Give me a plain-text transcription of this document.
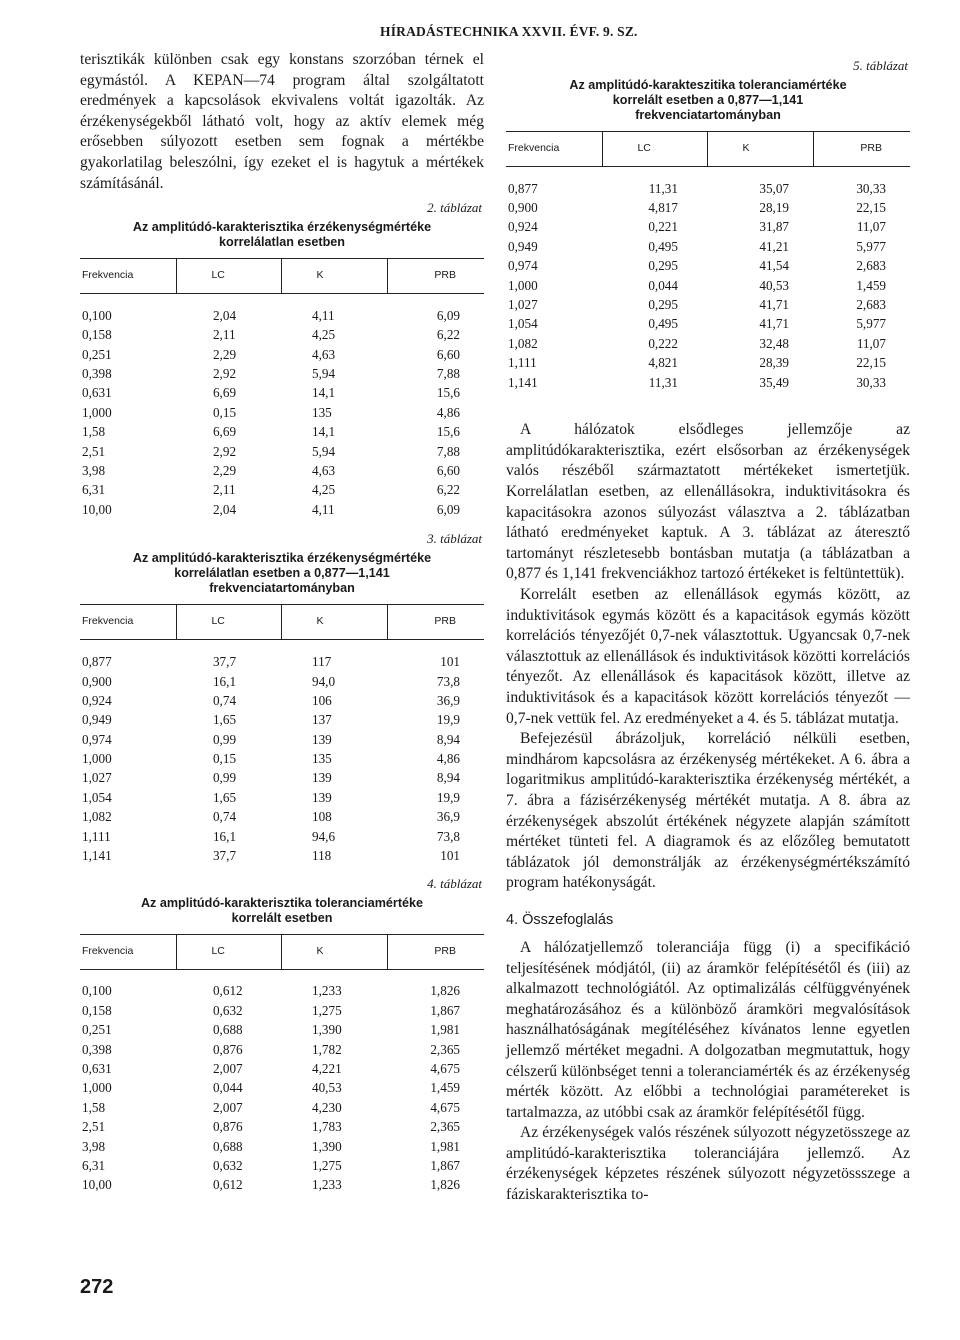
HÍRADÁSTECHNIKA XXVII. ÉVF. 9. SZ.

terisztikák különben csak egy konstans szorzóban térnek el egymástól. A KEPAN—74 program által szolgáltatott eredmények a kapcsolások ekvivalens voltát igazolták. Az érzékenységekből látható volt, hogy az aktív elemek még erősebben súlyozott esetben sem fognak a mértékbe gyakorlatilag beleszólni, így ezeket el is hagytuk a mértékek számításánál.

2. táblázat

Az amplitúdó-karakterisztika érzékenységmértéke korrelálatlan esetben

Frekvencia	LC	K	PRB
0,100	2,04	4,11	6,09
0,158	2,11	4,25	6,22
0,251	2,29	4,63	6,60
0,398	2,92	5,94	7,88
0,631	6,69	14,1	15,6
1,000	0,15	135	4,86
1,58	6,69	14,1	15,6
2,51	2,92	5,94	7,88
3,98	2,29	4,63	6,60
6,31	2,11	4,25	6,22
10,00	2,04	4,11	6,09

3. táblázat

Az amplitúdó-karakterisztika érzékenységmértéke korrelálatlan esetben a 0,877—1,141 frekvenciatartományban

Frekvencia	LC	K	PRB
0,877	37,7	117	101
0,900	16,1	94,0	73,8
0,924	0,74	106	36,9
0,949	1,65	137	19,9
0,974	0,99	139	8,94
1,000	0,15	135	4,86
1,027	0,99	139	8,94
1,054	1,65	139	19,9
1,082	0,74	108	36,9
1,111	16,1	94,6	73,8
1,141	37,7	118	101

4. táblázat

Az amplitúdó-karakterisztika toleranciamértéke korrelált esetben

Frekvencia	LC	K	PRB
0,100	0,612	1,233	1,826
0,158	0,632	1,275	1,867
0,251	0,688	1,390	1,981
0,398	0,876	1,782	2,365
0,631	2,007	4,221	4,675
1,000	0,044	40,53	1,459
1,58	2,007	4,230	4,675
2,51	0,876	1,783	2,365
3,98	0,688	1,390	1,981
6,31	0,632	1,275	1,867
10,00	0,612	1,233	1,826

5. táblázat

Az amplitúdó-karakteszitika toleranciamértéke korrelált esetben a 0,877—1,141 frekvenciatartományban

Frekvencia	LC	K	PRB
0,877	11,31	35,07	30,33
0,900	4,817	28,19	22,15
0,924	0,221	31,87	11,07
0,949	0,495	41,21	5,977
0,974	0,295	41,54	2,683
1,000	0,044	40,53	1,459
1,027	0,295	41,71	2,683
1,054	0,495	41,71	5,977
1,082	0,222	32,48	11,07
1,111	4,821	28,39	22,15
1,141	11,31	35,49	30,33

A hálózatok elsődleges jellemzője az amplitúdókarakterisztika, ezért elsősorban az érzékenységek valós részéből származtatott mértékeket ismertetjük. Korrelálatlan esetben, az ellenállásokra, induktivitásokra és kapacitásokra azonos súlyozást választva a 2. táblázatban látható eredményeket kaptuk. A 3. táblázat az áteresztő tartományt részletesebb bontásban mutatja (a táblázatban a 0,877 és 1,141 frekvenciákhoz tartozó értékeket is feltüntettük).

Korrelált esetben az ellenállások egymás között, az induktivitások egymás között és a kapacitások egymás között korrelációs tényezőjét 0,7-nek választottuk. Ugyancsak 0,7-nek választottuk az ellenállások és induktivitások közötti korrelációs tényezőt. Az ellenállások és kapacitások között, illetve az induktivitások és a kapacitások között korrelációs tényezőt —0,7-nek vettük fel. Az eredményeket a 4. és 5. táblázat mutatja.

Befejezésül ábrázoljuk, korreláció nélküli esetben, mindhárom kapcsolásra az érzékenység mértékeket. A 6. ábra a logaritmikus amplitúdó-karakterisztika érzékenység mértékét, a 7. ábra a fázisérzékenység mértékét mutatja. A 8. ábra az érzékenységek abszolút értékének négyzete alapján számított mértéket tünteti fel. A diagramok és az előzőleg bemutatott táblázatok jól demonstrálják az érzékenységmértékszámító program hatékonyságát.

4. Összefoglalás

A hálózatjellemző toleranciája függ (i) a specifikáció teljesítésének módjától, (ii) az áramkör felépítésétől és (iii) az alkalmazott technológiától. Az optimalizálás célfüggvényének meghatározásához és a különböző áramköri megvalósítások használhatóságának megítéléséhez kívánatos lenne egyetlen jellemző mértéket megadni. A dolgozatban megmutattuk, hogy célszerű különbséget tenni a toleranciamérték és az érzékenység mérték között. Az előbbi a technológiai paramétereket is tartalmazza, az utóbbi csak az áramkör felépítésétől függ.

Az érzékenységek valós részének súlyozott négyzetösszege az amplitúdó-karakterisztika toleranciájára jellemző. Az érzékenységek képzetes részének súlyozott négyzetössszege a fáziskarakterisztika to-

272
